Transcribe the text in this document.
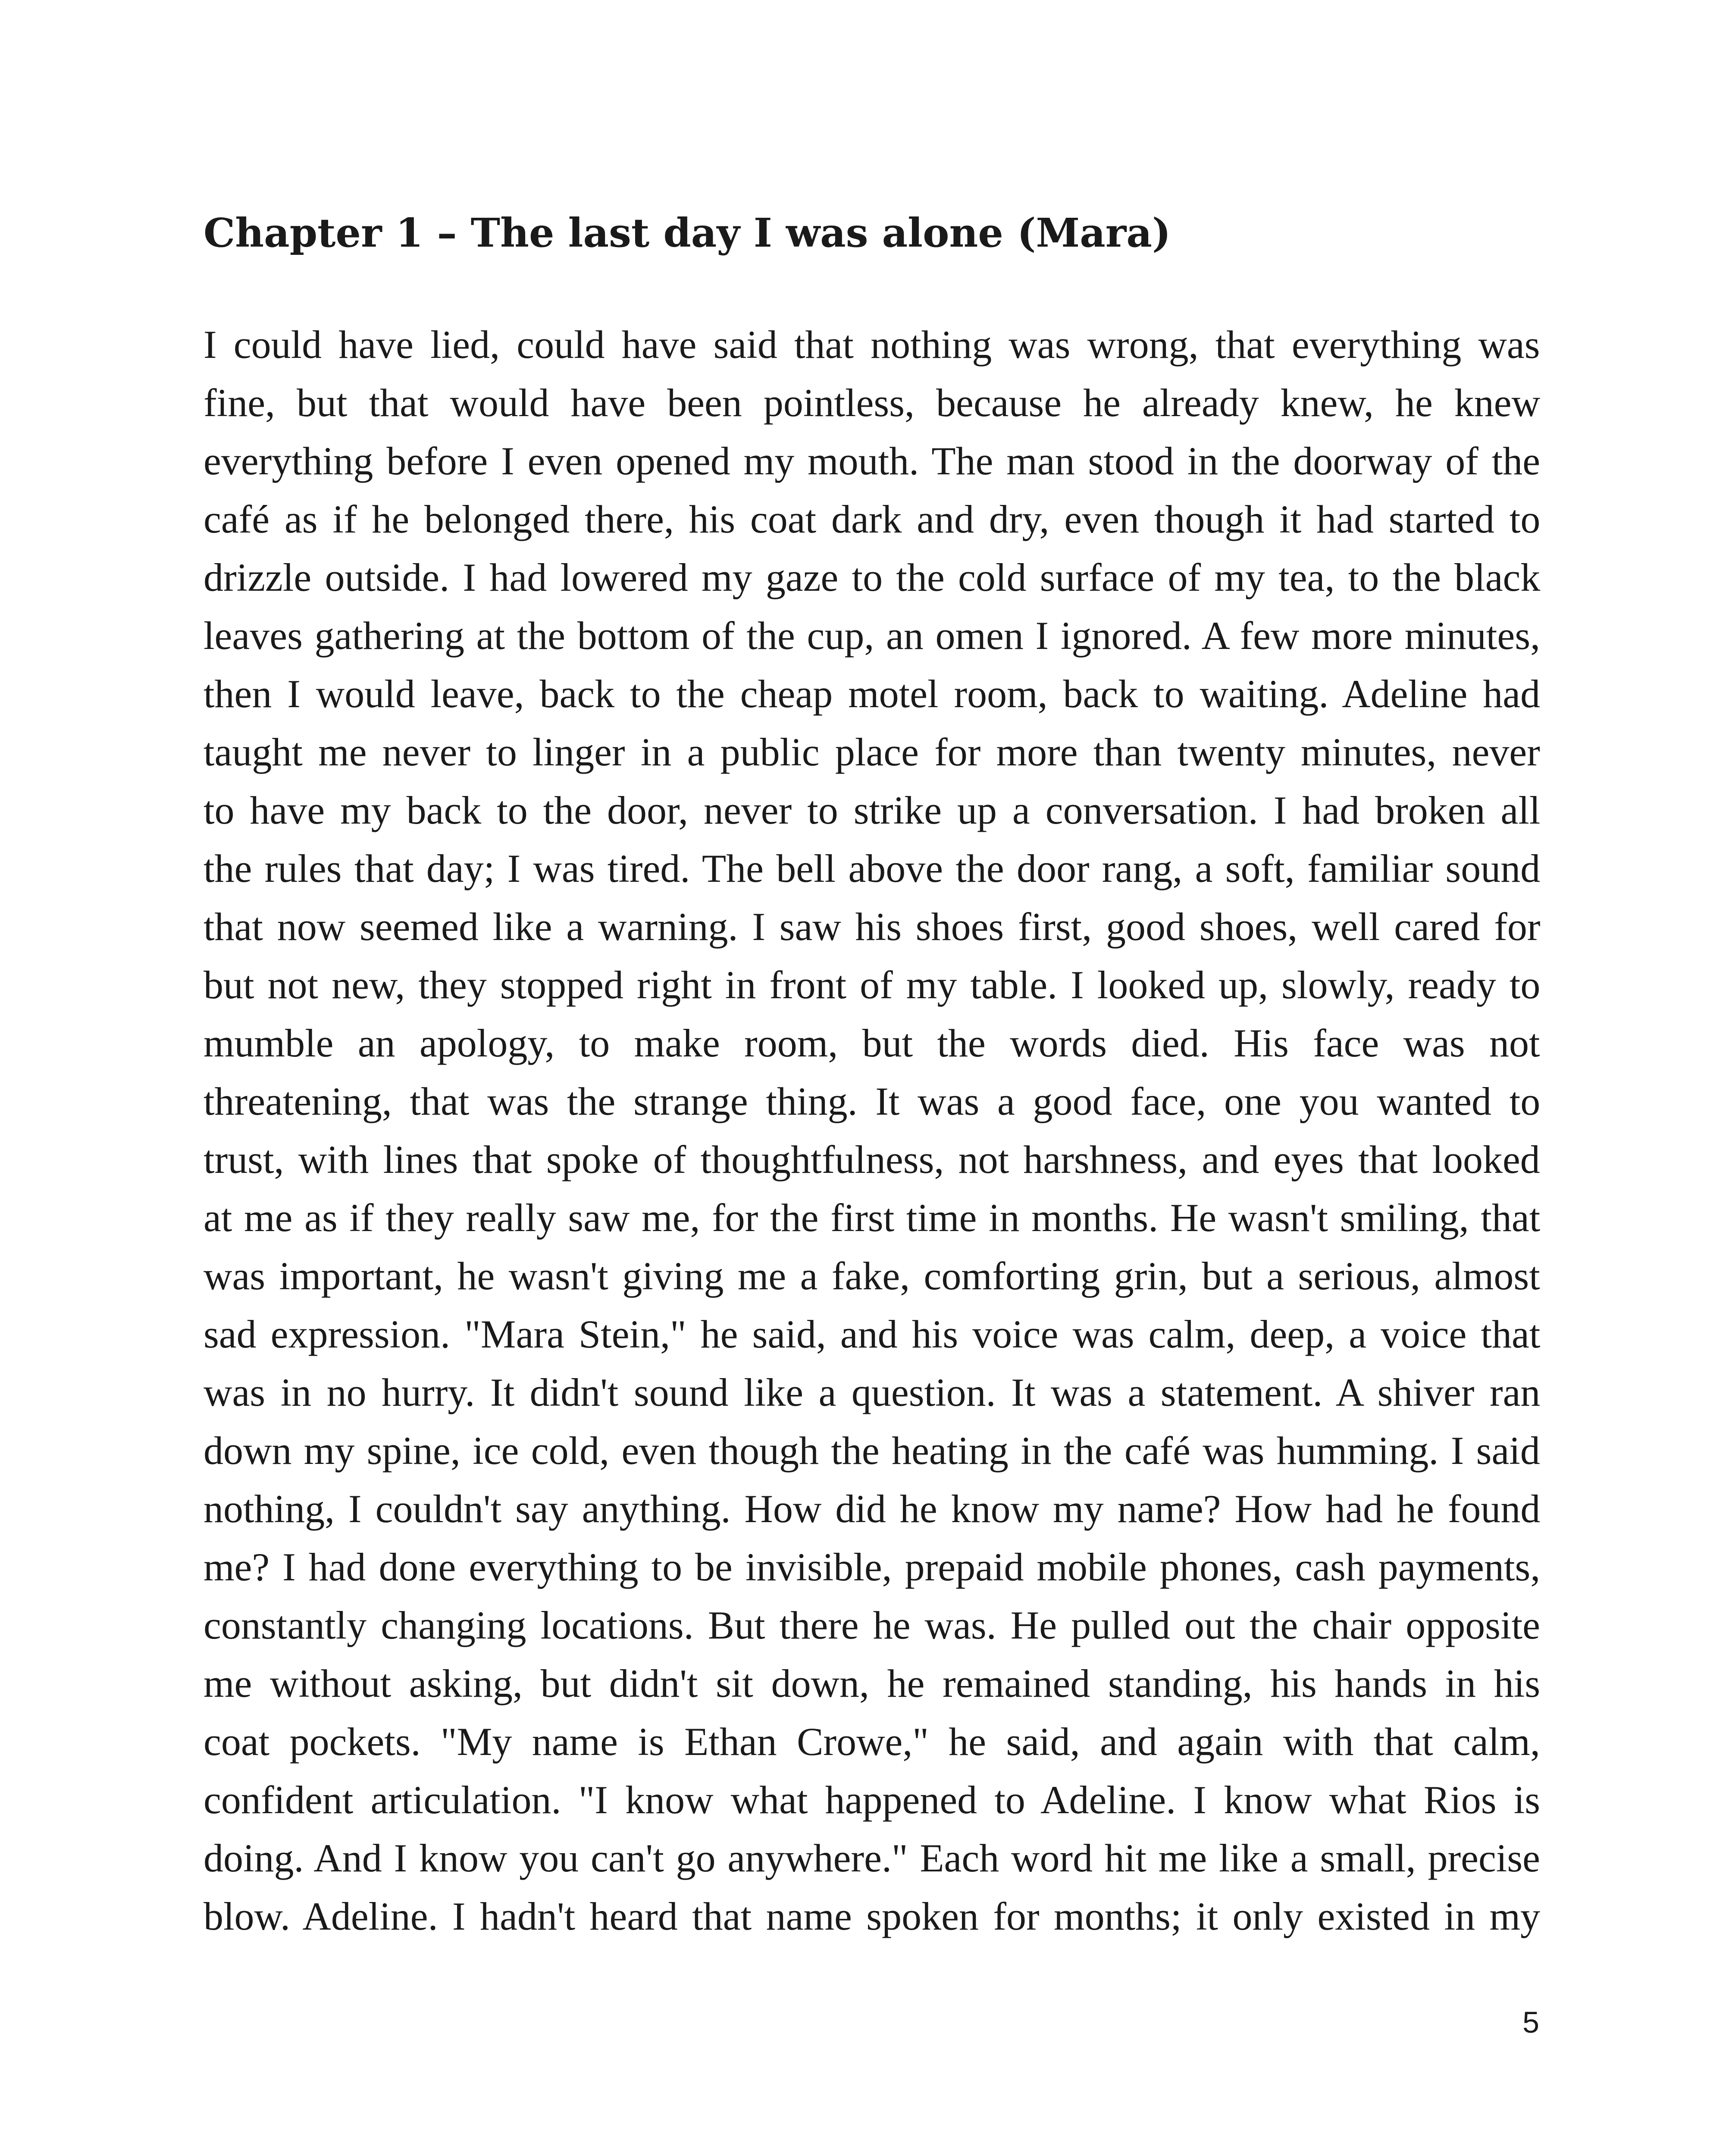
Chapter 1 – The last day I was alone (Mara)
I could have lied, could have said that nothing was wrong, that everything was
fine, but that would have been pointless, because he already knew, he knew
everything before I even opened my mouth. The man stood in the doorway of the
café as if he belonged there, his coat dark and dry, even though it had started to
drizzle outside. I had lowered my gaze to the cold surface of my tea, to the black
leaves gathering at the bottom of the cup, an omen I ignored. A few more minutes,
then I would leave, back to the cheap motel room, back to waiting. Adeline had
taught me never to linger in a public place for more than twenty minutes, never
to have my back to the door, never to strike up a conversation. I had broken all
the rules that day; I was tired. The bell above the door rang, a soft, familiar sound
that now seemed like a warning. I saw his shoes first, good shoes, well cared for
but not new, they stopped right in front of my table. I looked up, slowly, ready to
mumble an apology, to make room, but the words died. His face was not
threatening, that was the strange thing. It was a good face, one you wanted to
trust, with lines that spoke of thoughtfulness, not harshness, and eyes that looked
at me as if they really saw me, for the first time in months. He wasn't smiling, that
was important, he wasn't giving me a fake, comforting grin, but a serious, almost
sad expression. "Mara Stein," he said, and his voice was calm, deep, a voice that
was in no hurry. It didn't sound like a question. It was a statement. A shiver ran
down my spine, ice cold, even though the heating in the café was humming. I said
nothing, I couldn't say anything. How did he know my name? How had he found
me? I had done everything to be invisible, prepaid mobile phones, cash payments,
constantly changing locations. But there he was. He pulled out the chair opposite
me without asking, but didn't sit down, he remained standing, his hands in his
coat pockets. "My name is Ethan Crowe," he said, and again with that calm,
confident articulation. "I know what happened to Adeline. I know what Rios is
doing. And I know you can't go anywhere." Each word hit me like a small, precise
blow. Adeline. I hadn't heard that name spoken for months; it only existed in my
5
